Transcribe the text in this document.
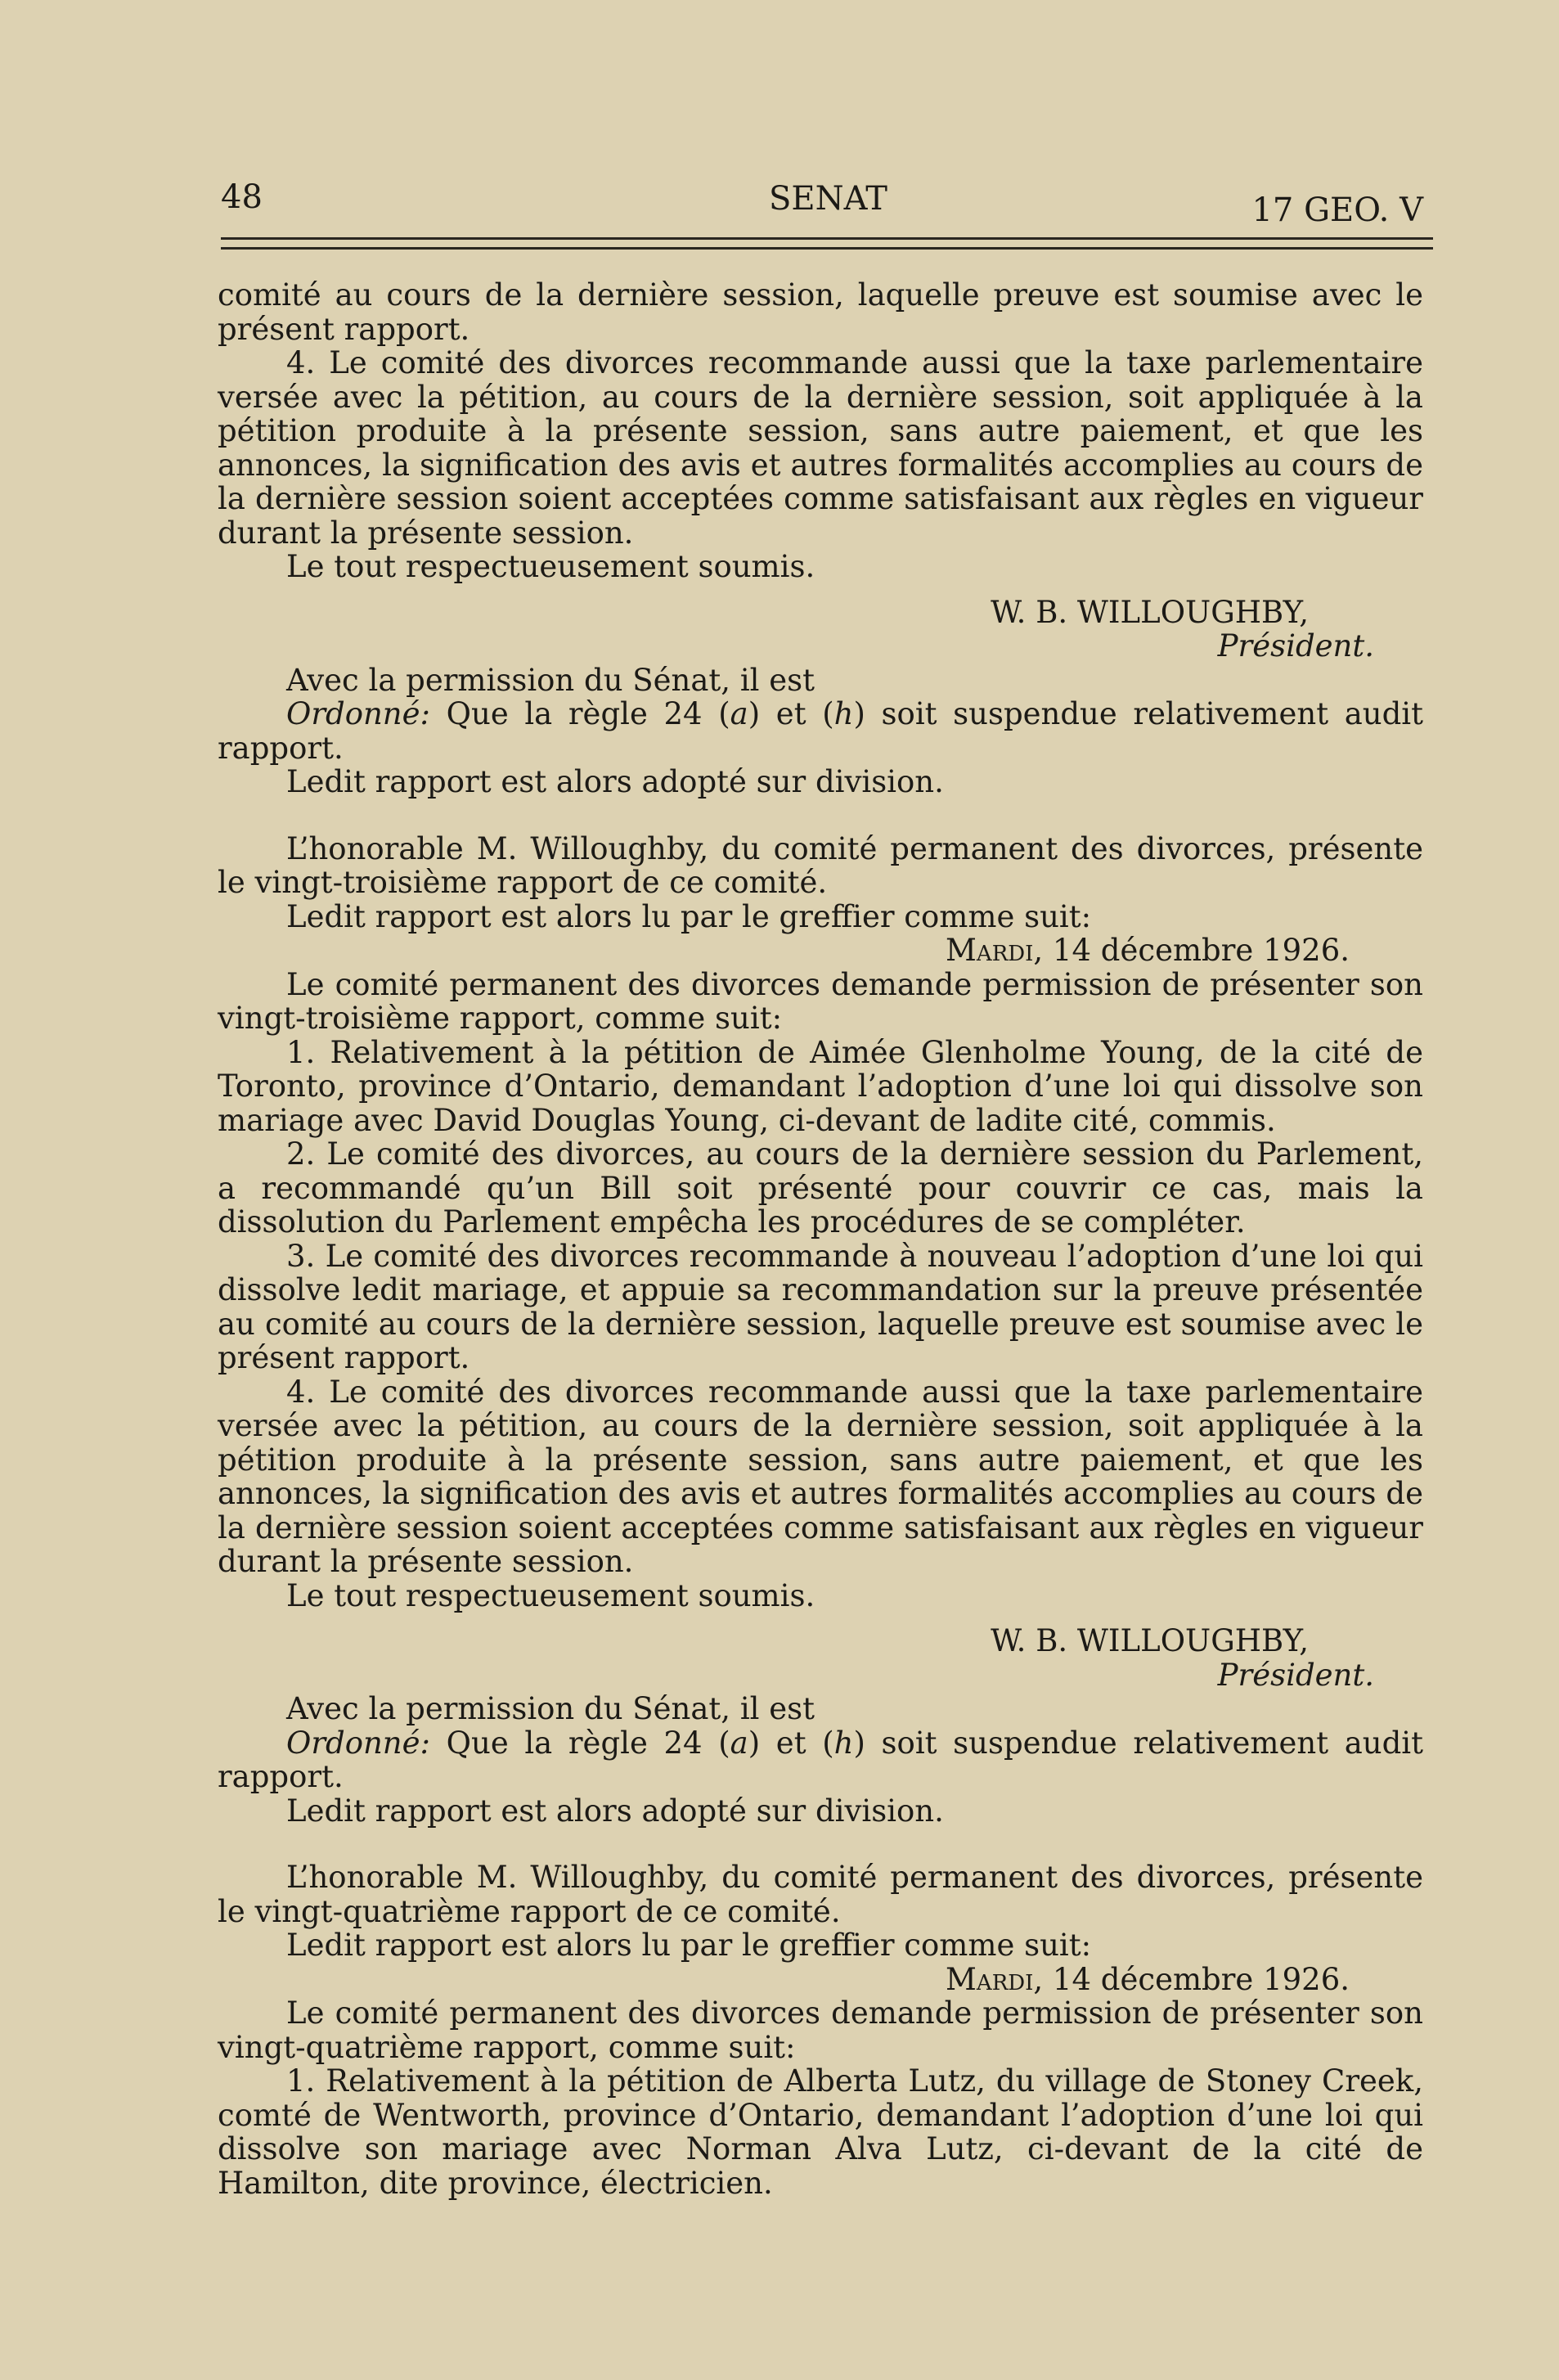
48	SENAT	17 GEO. V

comité au cours de la dernière session, laquelle preuve est soumise avec le présent rapport.

4. Le comité des divorces recommande aussi que la taxe parlementaire versée avec la pétition, au cours de la dernière session, soit appliquée à la pétition produite à la présente session, sans autre paiement, et que les annonces, la signification des avis et autres formalités accomplies au cours de la dernière session soient acceptées comme satisfaisant aux règles en vigueur durant la présente session.

Le tout respectueusement soumis.

W. B. WILLOUGHBY,

Président.

Avec la permission du Sénat, il est

Ordonné: Que la règle 24 (a) et (h) soit suspendue relativement audit rapport.

Ledit rapport est alors adopté sur division.

L’honorable M. Willoughby, du comité permanent des divorces, présente le vingt-troisième rapport de ce comité.

Ledit rapport est alors lu par le greffier comme suit:

Mardi, 14 décembre 1926.

Le comité permanent des divorces demande permission de présenter son vingt-troisième rapport, comme suit:

1. Relativement à la pétition de Aimée Glenholme Young, de la cité de Toronto, province d’Ontario, demandant l’adoption d’une loi qui dissolve son mariage avec David Douglas Young, ci-devant de ladite cité, commis.

2. Le comité des divorces, au cours de la dernière session du Parlement, a recommandé qu’un Bill soit présenté pour couvrir ce cas, mais la dissolution du Parlement empêcha les procédures de se compléter.

3. Le comité des divorces recommande à nouveau l’adoption d’une loi qui dissolve ledit mariage, et appuie sa recommandation sur la preuve présentée au comité au cours de la dernière session, laquelle preuve est soumise avec le présent rapport.

4. Le comité des divorces recommande aussi que la taxe parlementaire versée avec la pétition, au cours de la dernière session, soit appliquée à la pétition produite à la présente session, sans autre paiement, et que les annonces, la signification des avis et autres formalités accomplies au cours de la dernière session soient acceptées comme satisfaisant aux règles en vigueur durant la présente session.

Le tout respectueusement soumis.

W. B. WILLOUGHBY,

Président.

Avec la permission du Sénat, il est

Ordonné: Que la règle 24 (a) et (h) soit suspendue relativement audit rapport.

Ledit rapport est alors adopté sur division.

L’honorable M. Willoughby, du comité permanent des divorces, présente le vingt-quatrième rapport de ce comité.

Ledit rapport est alors lu par le greffier comme suit:

Mardi, 14 décembre 1926.

Le comité permanent des divorces demande permission de présenter son vingt-quatrième rapport, comme suit:

1. Relativement à la pétition de Alberta Lutz, du village de Stoney Creek, comté de Wentworth, province d’Ontario, demandant l’adoption d’une loi qui dissolve son mariage avec Norman Alva Lutz, ci-devant de la cité de Hamilton, dite province, électricien.
